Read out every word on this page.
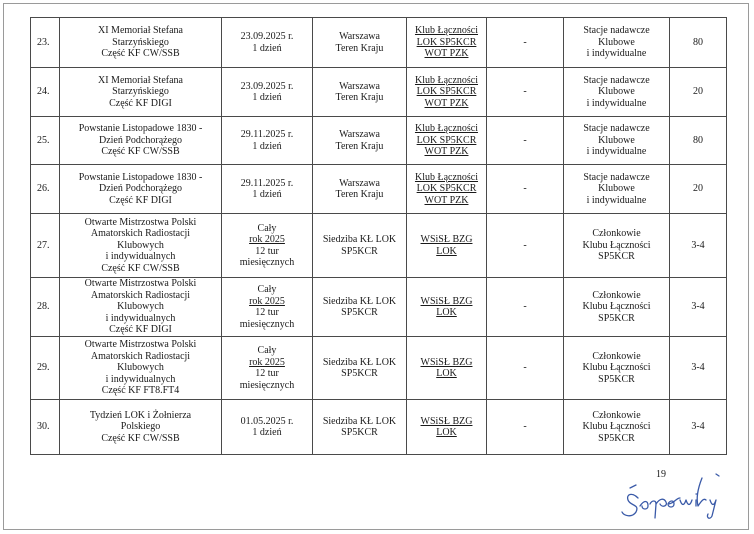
23.	XI Memoriał Stefana
Starzyńskiego
Część KF CW/SSB	23.09.2025 r.
1 dzień	Warszawa
Teren Kraju	Klub Łączności
LOK SP5KCR
WOT PZK	-	Stacje nadawcze
Klubowe
i indywidualne	80
24.	XI Memoriał Stefana
Starzyńskiego
Część KF DIGI	23.09.2025 r.
1 dzień	Warszawa
Teren Kraju	Klub Łączności
LOK SP5KCR
WOT PZK	-	Stacje nadawcze
Klubowe
i indywidualne	20
25.	Powstanie Listopadowe 1830 -
Dzień Podchorążego
Część KF CW/SSB	29.11.2025 r.
1 dzień	Warszawa
Teren Kraju	Klub Łączności
LOK SP5KCR
WOT PZK	-	Stacje nadawcze
Klubowe
i indywidualne	80
26.	Powstanie Listopadowe 1830 -
Dzień Podchorążego
Część KF DIGI	29.11.2025 r.
1 dzień	Warszawa
Teren Kraju	Klub Łączności
LOK SP5KCR
WOT PZK	-	Stacje nadawcze
Klubowe
i indywidualne	20
27.	Otwarte Mistrzostwa Polski
Amatorskich Radiostacji
Klubowych
i indywidualnych
Część KF CW/SSB	Cały
rok 2025
12 tur
miesięcznych	Siedziba KŁ LOK
SP5KCR	WSiSŁ BZG
LOK	-	Członkowie
Klubu Łączności
SP5KCR	3-4
28.	Otwarte Mistrzostwa Polski
Amatorskich Radiostacji
Klubowych
i indywidualnych
Część KF DIGI	Cały
rok 2025
12 tur
miesięcznych	Siedziba KŁ LOK
SP5KCR	WSiSŁ BZG
LOK	-	Członkowie
Klubu Łączności
SP5KCR	3-4
29.	Otwarte Mistrzostwa Polski
Amatorskich Radiostacji
Klubowych
i indywidualnych
Część KF FT8.FT4	Cały
rok 2025
12 tur
miesięcznych	Siedziba KŁ LOK
SP5KCR	WSiSŁ BZG
LOK	-	Członkowie
Klubu Łączności
SP5KCR	3-4
30.	Tydzień LOK i Żołnierza
Polskiego
Część KF CW/SSB	01.05.2025 r.
1 dzień	Siedziba KŁ LOK
SP5KCR	WSiSŁ BZG
LOK	-	Członkowie
Klubu Łączności
SP5KCR	3-4
19
